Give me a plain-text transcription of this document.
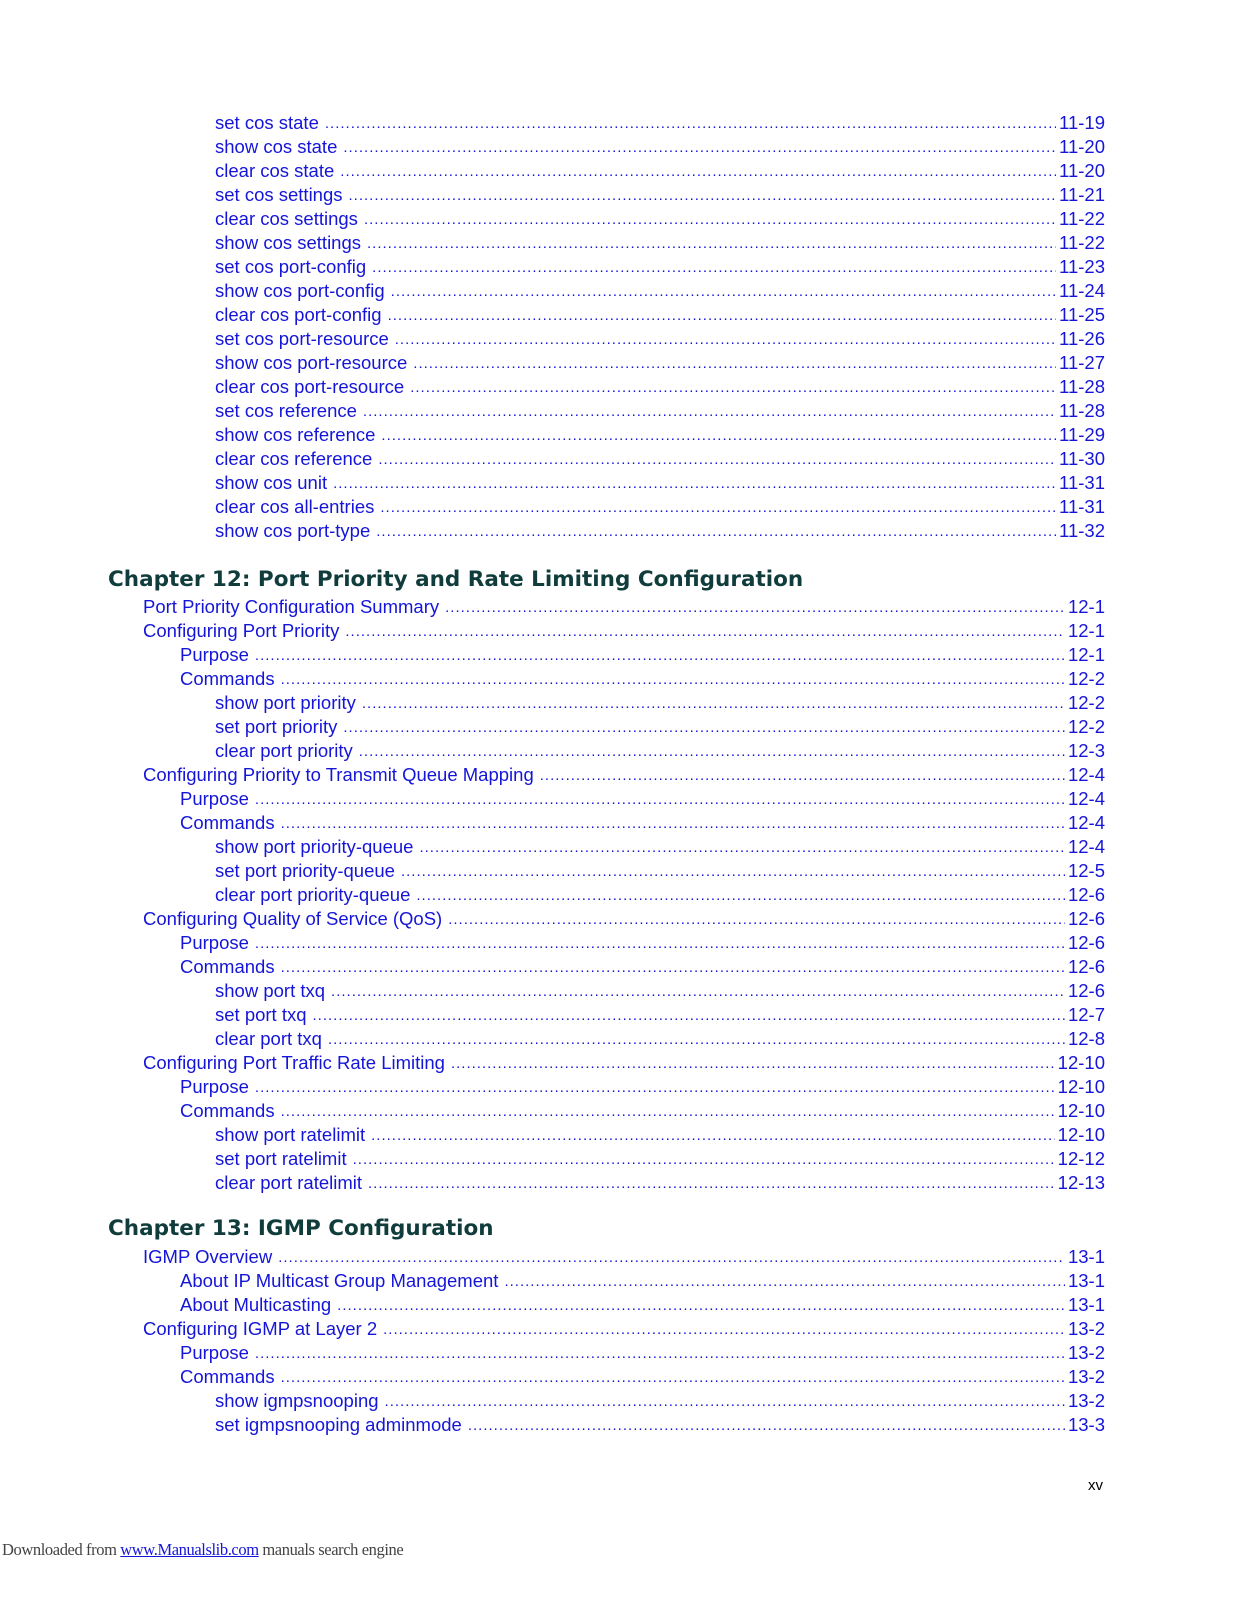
set cos state .....	11-19
show cos state .....	11-20
clear cos state .....	11-20
set cos settings .....	11-21
clear cos settings .....	11-22
show cos settings .....	11-22
set cos port-config .....	11-23
show cos port-config .....	11-24
clear cos port-config .....	11-25
set cos port-resource .....	11-26
show cos port-resource .....	11-27
clear cos port-resource .....	11-28
set cos reference .....	11-28
show cos reference .....	11-29
clear cos reference .....	11-30
show cos unit .....	11-31
clear cos all-entries .....	11-31
show cos port-type .....	11-32
Chapter 12: Port Priority and Rate Limiting Configuration
Port Priority Configuration Summary .....	12-1
Configuring Port Priority .....	12-1
Purpose .....	12-1
Commands .....	12-2
show port priority .....	12-2
set port priority .....	12-2
clear port priority .....	12-3
Configuring Priority to Transmit Queue Mapping .....	12-4
Purpose .....	12-4
Commands .....	12-4
show port priority-queue .....	12-4
set port priority-queue .....	12-5
clear port priority-queue .....	12-6
Configuring Quality of Service (QoS) .....	12-6
Purpose .....	12-6
Commands .....	12-6
show port txq .....	12-6
set port txq .....	12-7
clear port txq .....	12-8
Configuring Port Traffic Rate Limiting .....	12-10
Purpose .....	12-10
Commands .....	12-10
show port ratelimit .....	12-10
set port ratelimit .....	12-12
clear port ratelimit .....	12-13
Chapter 13: IGMP Configuration
IGMP Overview .....	13-1
About IP Multicast Group Management .....	13-1
About Multicasting .....	13-1
Configuring IGMP at Layer 2 .....	13-2
Purpose .....	13-2
Commands .....	13-2
show igmpsnooping .....	13-2
set igmpsnooping adminmode .....	13-3
xv
Downloaded from www.Manualslib.com manuals search engine
